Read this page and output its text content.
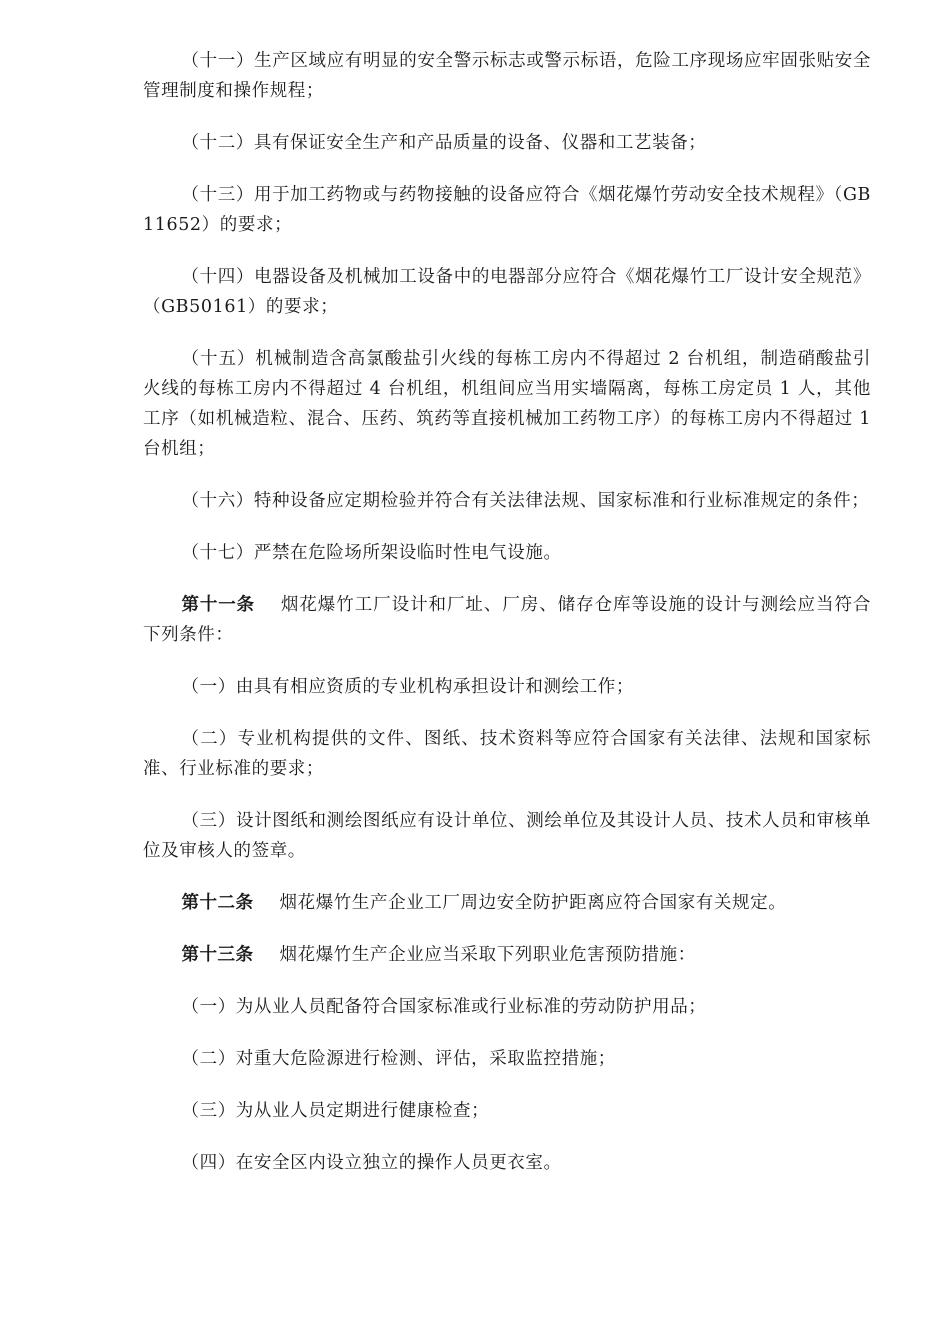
（十一）生产区域应有明显的安全警示标志或警示标语，危险工序现场应牢固张贴安全管理制度和操作规程；

（十二）具有保证安全生产和产品质量的设备、仪器和工艺装备；

（十三）用于加工药物或与药物接触的设备应符合《烟花爆竹劳动安全技术规程》（GB11652）的要求；

（十四）电器设备及机械加工设备中的电器部分应符合《烟花爆竹工厂设计安全规范》（GB50161）的要求；

（十五）机械制造含高氯酸盐引火线的每栋工房内不得超过 2 台机组，制造硝酸盐引火线的每栋工房内不得超过 4 台机组，机组间应当用实墙隔离，每栋工房定员 1 人，其他工序（如机械造粒、混合、压药、筑药等直接机械加工药物工序）的每栋工房内不得超过 1 台机组；

（十六）特种设备应定期检验并符合有关法律法规、国家标准和行业标准规定的条件；

（十七）严禁在危险场所架设临时性电气设施。

第十一条 烟花爆竹工厂设计和厂址、厂房、储存仓库等设施的设计与测绘应当符合下列条件：

（一）由具有相应资质的专业机构承担设计和测绘工作；

（二）专业机构提供的文件、图纸、技术资料等应符合国家有关法律、法规和国家标准、行业标准的要求；

（三）设计图纸和测绘图纸应有设计单位、测绘单位及其设计人员、技术人员和审核单位及审核人的签章。

第十二条 烟花爆竹生产企业工厂周边安全防护距离应符合国家有关规定。

第十三条 烟花爆竹生产企业应当采取下列职业危害预防措施：

（一）为从业人员配备符合国家标准或行业标准的劳动防护用品；

（二）对重大危险源进行检测、评估，采取监控措施；

（三）为从业人员定期进行健康检查；

（四）在安全区内设立独立的操作人员更衣室。
